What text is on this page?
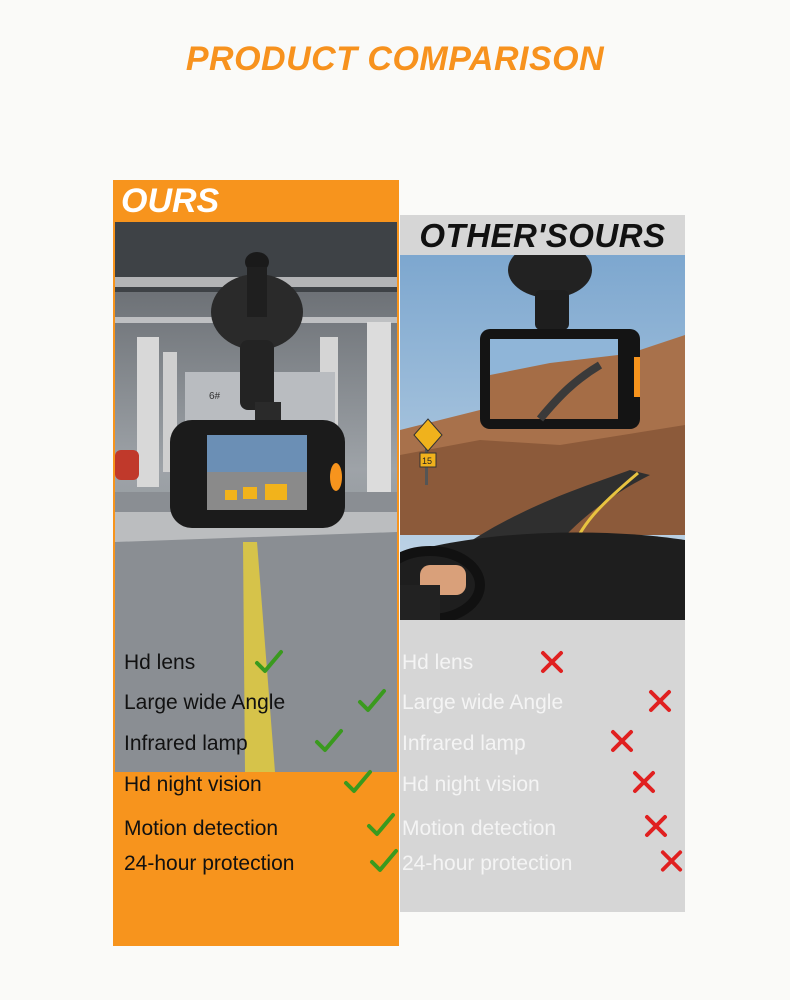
PRODUCT COMPARISON
OURS
6#
Hd lens
Large wide Angle
Infrared lamp
Hd night vision
Motion detection
24-hour protection
OTHER'SOURS
15
Hd lens
Large wide Angle
Infrared lamp
Hd night vision
Motion detection
24-hour protection
